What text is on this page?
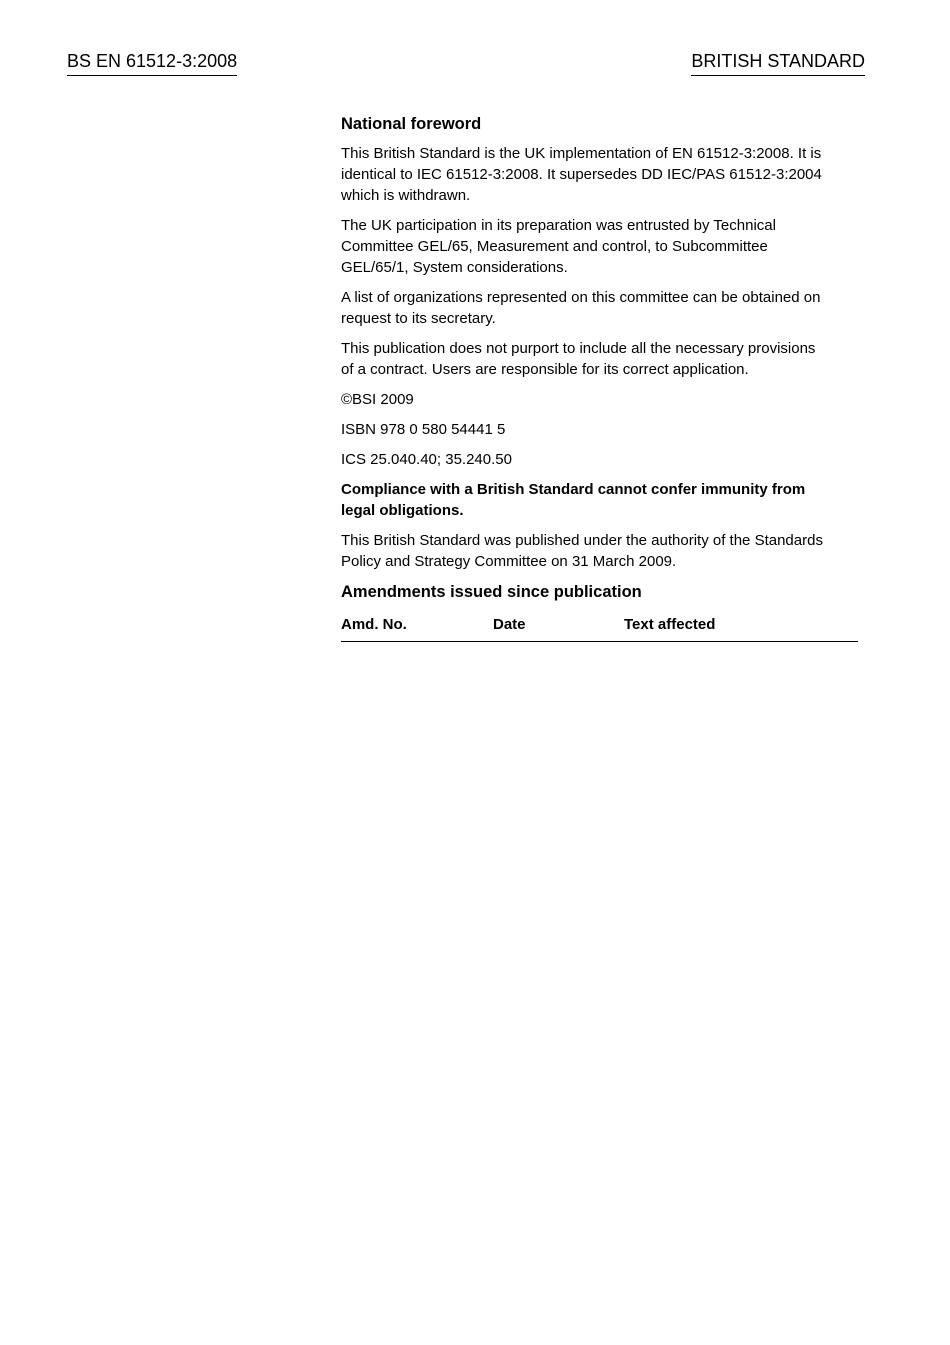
BS EN 61512-3:2008	BRITISH STANDARD
National foreword

This British Standard is the UK implementation of EN 61512-3:2008. It is
identical to IEC 61512-3:2008. It supersedes DD IEC/PAS 61512-3:2004
which is withdrawn.

The UK participation in its preparation was entrusted by Technical
Committee GEL/65, Measurement and control, to Subcommittee
GEL/65/1, System considerations.

A list of organizations represented on this committee can be obtained on
request to its secretary.

This publication does not purport to include all the necessary provisions
of a contract. Users are responsible for its correct application.

©BSI 2009

ISBN 978 0 580 54441 5

ICS 25.040.40; 35.240.50

Compliance with a British Standard cannot confer immunity from
legal obligations.

This British Standard was published under the authority of the Standards
Policy and Strategy Committee on 31 March 2009.

Amendments issued since publication
Amd. No.	Date	Text affected
